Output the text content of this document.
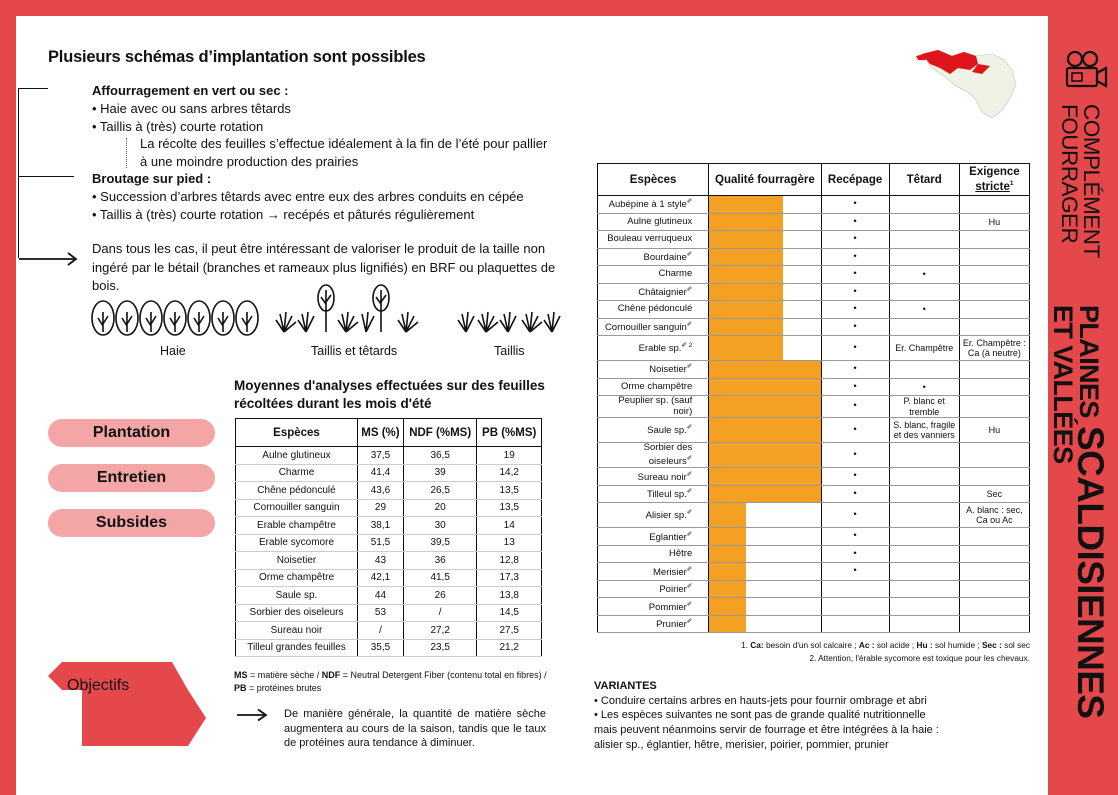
Plusieurs schémas d’implantation sont possibles
Affourragement en vert ou sec :
• Haie avec ou sans arbres têtards
• Taillis à (très) courte rotation
La récolte des feuilles s’effectue idéalement à la fin de l’été pour pallier
à une moindre production des prairies
Broutage sur pied :
• Succession d’arbres têtards avec entre eux des arbres conduits en cépée
• Taillis à (très) courte rotation → recépés et pâturés régulièrement
Dans tous les cas, il peut être intéressant de valoriser le produit de la taille non ingéré par le bétail (branches et rameaux plus lignifiés) en BRF ou plaquettes de bois.
Haie	Taillis et têtards	Taillis
Plantation
Entretien
Subsides
Objectifs
Moyennes d'analyses effectuées sur des feuilles récoltées durant les mois d'été
Espèces	MS (%)	NDF (%MS)	PB (%MS)
Aulne glutineux	37,5	36,5	19
Charme	41,4	39	14,2
Chêne pédonculé	43,6	26,5	13,5
Cornouiller sanguin	29	20	13,5
Erable champêtre	38,1	30	14
Erable sycomore	51,5	39,5	13
Noisetier	43	36	12,8
Orme champêtre	42,1	41,5	17,3
Saule sp.	44	26	13,8
Sorbier des oiseleurs	53	/	14,5
Sureau noir	/	27,2	27,5
Tilleul grandes feuilles	35,5	23,5	21,2
MS = matière sèche / NDF = Neutral Detergent Fiber (contenu total en fibres) /
PB = protéines brutes
De manière générale, la quantité de matière sèche augmentera au cours de la saison, tandis que le taux de protéines aura tendance à diminuer.
Espèces	Qualité fourragère	Recépage	Têtard	Exigence
stricte$^1$
Aubépine à 1 style✐		•		
Aulne glutineux		•		Hu
Bouleau verruqueux		•		
Bourdaine✐		•		
Charme		•	•	
Châtaignier✐		•		
Chêne pédonculé		•	•	
Cornouiller sanguin✐		•		
Erable sp.$^{✐ 2}$		•	Er. Champêtre	Er. Champêtre : Ca (à neutre)
Noisetier✐		•		
Orme champêtre		•	•	
Peuplier sp. (sauf noir)		•	P. blanc et tremble	
Saule sp.✐		•	S. blanc, fragile et des vanniers	Hu
Sorbier des oiseleurs✐		•		
Sureau noir✐		•		
Tilleul sp.✐		•		Sec
Alisier sp.✐		•		A. blanc : sec, Ca ou Ac
Eglantier✐		•		
Hêtre		•		
Merisier✐		•		
Poirier✐	

Pommier✐	

Prunier✐	

1. Ca: besoin d'un sol calcaire ; Ac : sol acide ; Hu : sol humide ; Sec : sol sec
2. Attention, l'érable sycomore est toxique pour les chevaux.
VARIANTES
• Conduire certains arbres en hauts-jets pour fournir ombrage et abri
• Les espèces suivantes ne sont pas de grande qualité nutritionnelle
mais peuvent néanmoins servir de fourrage et être intégrées à la haie :
alisier sp., églantier, hêtre, merisier, poirier, pommier, prunier
COMPLÉMENT
FOURRAGER
PLAINES
ET VALLÉES
SCALDISIENNES
